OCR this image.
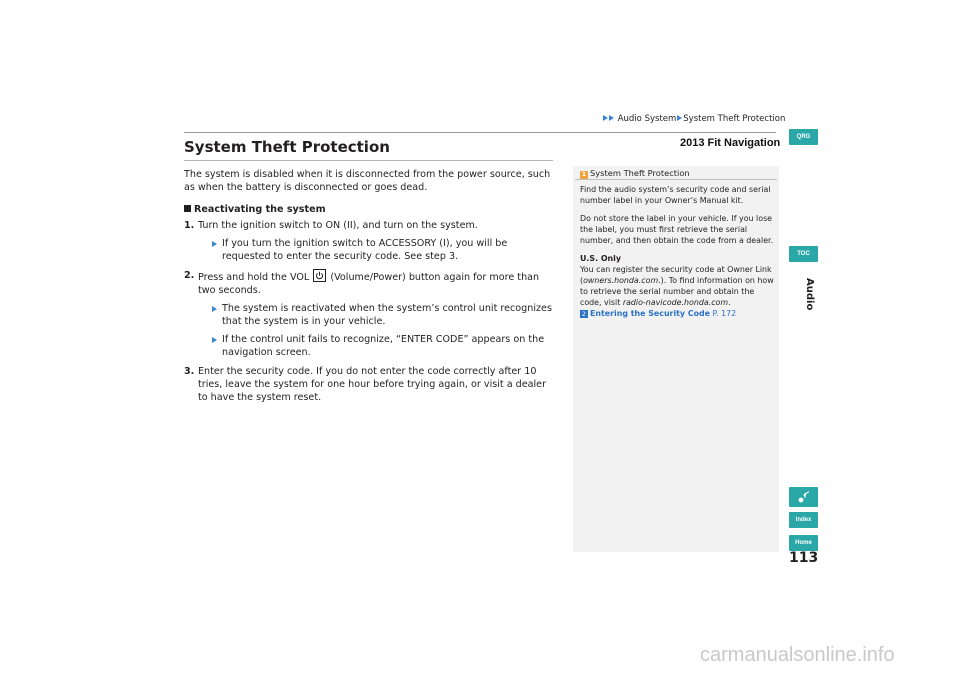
Audio System System Theft Protection
2013 Fit Navigation
System Theft Protection

The system is disabled when it is disconnected from the power source, such as when the battery is disconnected or goes dead.

Reactivating the system

1. Turn the ignition switch to ON (II), and turn on the system.

If you turn the ignition switch to ACCESSORY (I), you will be requested to enter the security code. See step 3.

2. Press and hold the VOL (Volume/Power) button again for more than two seconds.

The system is reactivated when the system’s control unit recognizes that the system is in your vehicle.

If the control unit fails to recognize, “ENTER CODE” appears on the navigation screen.

3. Enter the security code. If you do not enter the code correctly after 10 tries, leave the system for one hour before trying again, or visit a dealer to have the system reset.

1 System Theft Protection

Find the audio system’s security code and serial number label in your Owner’s Manual kit.

Do not store the label in your vehicle. If you lose the label, you must first retrieve the serial number, and then obtain the code from a dealer.

U.S. Only

You can register the security code at Owner Link (owners.honda.com.). To find information on how to retrieve the serial number and obtain the code, visit radio-navicode.honda.com.

2 Entering the Security Code P. 172

QRG
TOC
Audio
Index
Home
113
carmanualsonline.info
